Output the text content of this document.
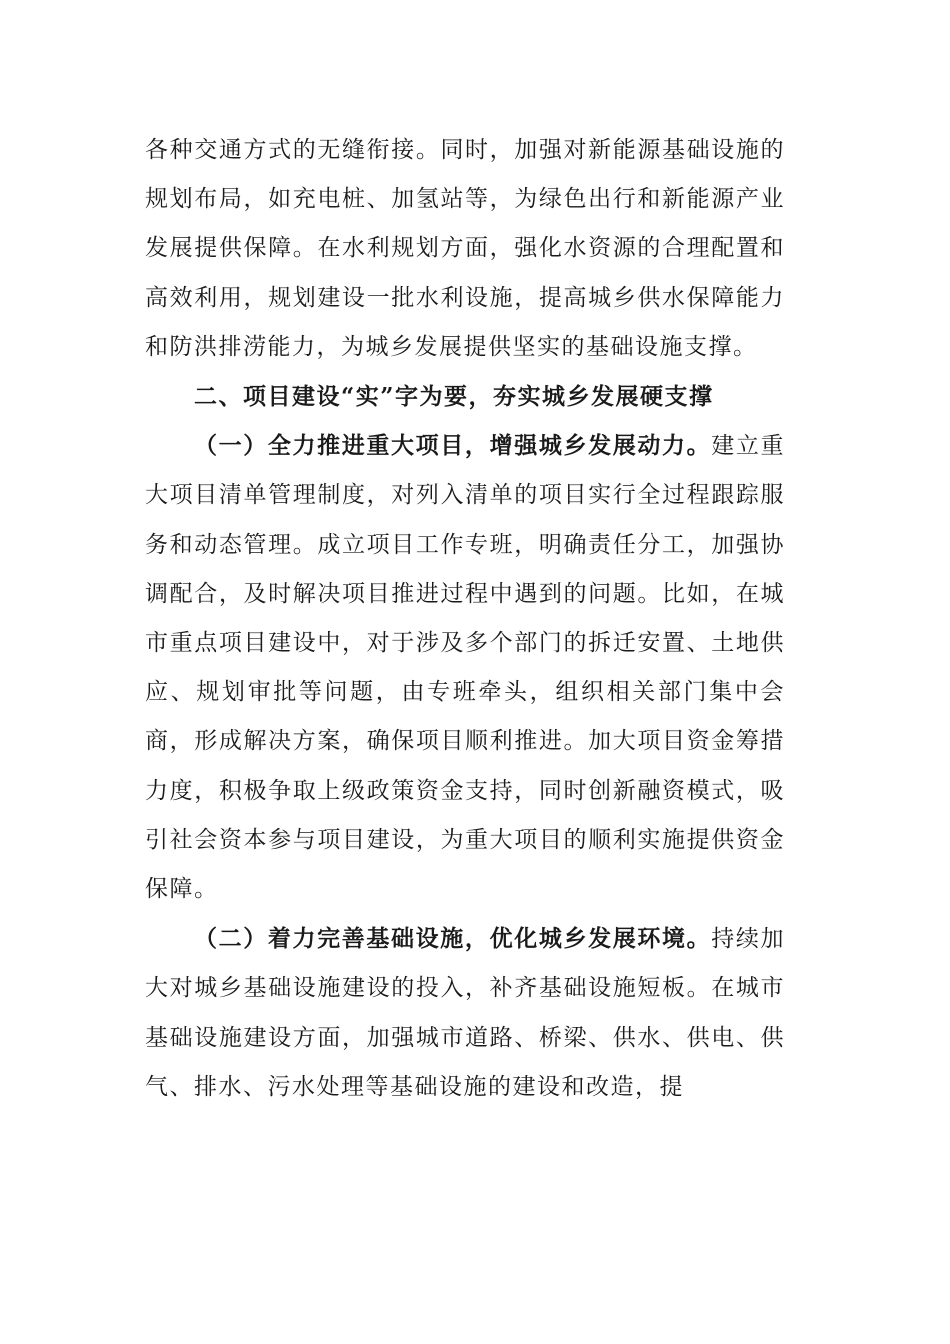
各种交通方式的无缝衔接。同时，加强对新能源基础设施的规划布局，如充电桩、加氢站等，为绿色出行和新能源产业发展提供保障。在水利规划方面，强化水资源的合理配置和高效利用，规划建设一批水利设施，提高城乡供水保障能力和防洪排涝能力，为城乡发展提供坚实的基础设施支撑。

二、项目建设“实”字为要，夯实城乡发展硬支撑

（一）全力推进重大项目，增强城乡发展动力。建立重大项目清单管理制度，对列入清单的项目实行全过程跟踪服务和动态管理。成立项目工作专班，明确责任分工，加强协调配合，及时解决项目推进过程中遇到的问题。比如，在城市重点项目建设中，对于涉及多个部门的拆迁安置、土地供应、规划审批等问题，由专班牵头，组织相关部门集中会商，形成解决方案，确保项目顺利推进。加大项目资金筹措力度，积极争取上级政策资金支持，同时创新融资模式，吸引社会资本参与项目建设，为重大项目的顺利实施提供资金保障。

（二）着力完善基础设施，优化城乡发展环境。持续加大对城乡基础设施建设的投入，补齐基础设施短板。在城市基础设施建设方面，加强城市道路、桥梁、供水、供电、供气、排水、污水处理等基础设施的建设和改造，提
